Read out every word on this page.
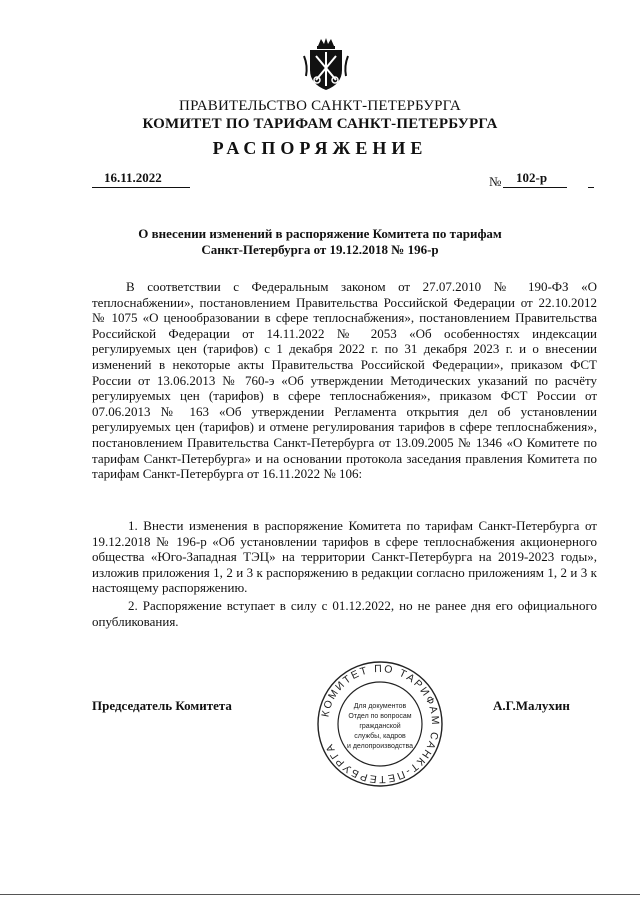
ПРАВИТЕЛЬСТВО САНКТ-ПЕТЕРБУРГА
КОМИТЕТ ПО ТАРИФАМ САНКТ-ПЕТЕРБУРГА
РАСПОРЯЖЕНИЕ
16.11.2022	№ 102-р
О внесении изменений в распоряжение Комитета по тарифам
Санкт-Петербурга от 19.12.2018 № 196-р
В соответствии с Федеральным законом от 27.07.2010 № 190-ФЗ «О теплоснабжении», постановлением Правительства Российской Федерации от 22.10.2012 № 1075 «О ценообразовании в сфере теплоснабжения», постановлением Правительства Российской Федерации от 14.11.2022 № 2053 «Об особенностях индексации регулируемых цен (тарифов) с 1 декабря 2022 г. по 31 декабря 2023 г. и о внесении изменений в некоторые акты Правительства Российской Федерации», приказом ФСТ России от 13.06.2013 № 760-э «Об утверждении Методических указаний по расчёту регулируемых цен (тарифов) в сфере теплоснабжения», приказом ФСТ России от 07.06.2013 № 163 «Об утверждении Регламента открытия дел об установлении регулируемых цен (тарифов) и отмене регулирования тарифов в сфере теплоснабжения», постановлением Правительства Санкт-Петербурга от 13.09.2005 № 1346 «О Комитете по тарифам Санкт-Петербурга» и на основании протокола заседания правления Комитета по тарифам Санкт-Петербурга от 16.11.2022 № 106:

1. Внести изменения в распоряжение Комитета по тарифам Санкт-Петербурга от 19.12.2018 № 196-р «Об установлении тарифов в сфере теплоснабжения акционерного общества «Юго-Западная ТЭЦ» на территории Санкт-Петербурга на 2019-2023 годы», изложив приложения 1, 2 и 3 к распоряжению в редакции согласно приложениям 1, 2 и 3 к настоящему распоряжению.

2. Распоряжение вступает в силу с 01.12.2022, но не ранее дня его официального опубликования.

Председатель Комитета	А.Г.Малухин
КОМИТЕТ ПО ТАРИФАМ САНКТ-ПЕТЕРБУРГА
Для документов
Отдел по вопросам
гражданской
службы, кадров
и делопроизводства
